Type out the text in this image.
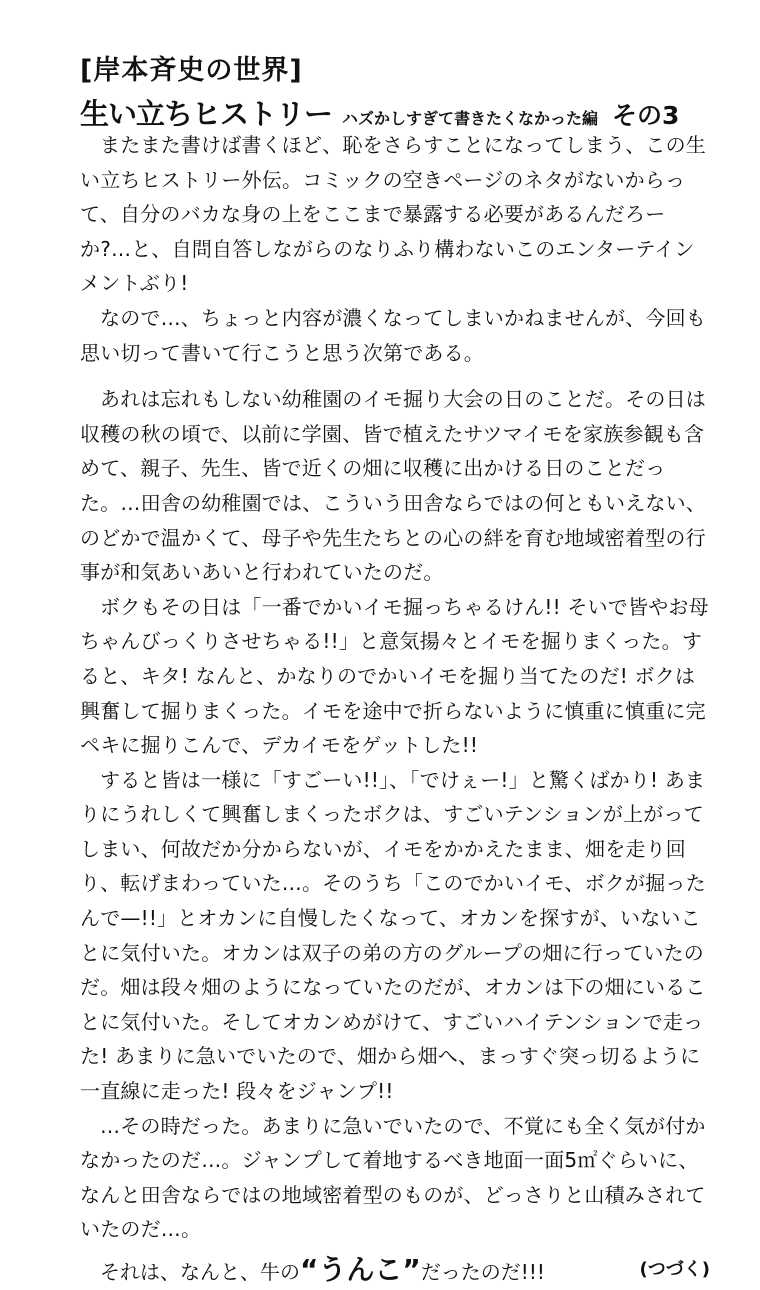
[岸本斉史の世界]
生い立ちヒストリー ハズかしすぎて書きたくなかった編 その3

またまた書けば書くほど、恥をさらすことになってしまう、この生い立ちヒストリー外伝。コミックの空きページのネタがないからって、自分のバカな身の上をここまで暴露する必要があるんだろーか?…と、自問自答しながらのなりふり構わないこのエンターテインメントぶり!

なので…、ちょっと内容が濃くなってしまいかねませんが、今回も思い切って書いて行こうと思う次第である。

あれは忘れもしない幼稚園のイモ掘り大会の日のことだ。その日は収穫の秋の頃で、以前に学園、皆で植えたサツマイモを家族参観も含めて、親子、先生、皆で近くの畑に収穫に出かける日のことだった。…田舎の幼稚園では、こういう田舎ならではの何ともいえない、のどかで温かくて、母子や先生たちとの心の絆を育む地域密着型の行事が和気あいあいと行われていたのだ。

ボクもその日は「一番でかいイモ掘っちゃるけん!! そいで皆やお母ちゃんびっくりさせちゃる!!」と意気揚々とイモを掘りまくった。すると、キタ! なんと、かなりのでかいイモを掘り当てたのだ! ボクは興奮して掘りまくった。イモを途中で折らないように慎重に慎重に完ペキに掘りこんで、デカイモをゲットした!!

すると皆は一様に「すごーい!!」、「でけぇー!」と驚くばかり! あまりにうれしくて興奮しまくったボクは、すごいテンションが上がってしまい、何故だか分からないが、イモをかかえたまま、畑を走り回り、転げまわっていた…。そのうち「このでかいイモ、ボクが掘ったんで—!!」とオカンに自慢したくなって、オカンを探すが、いないことに気付いた。オカンは双子の弟の方のグループの畑に行っていたのだ。畑は段々畑のようになっていたのだが、オカンは下の畑にいることに気付いた。そしてオカンめがけて、すごいハイテンションで走った! あまりに急いでいたので、畑から畑へ、まっすぐ突っ切るように一直線に走った! 段々をジャンプ!!

…その時だった。あまりに急いでいたので、不覚にも全く気が付かなかったのだ…。ジャンプして着地するべき地面一面5㎡ぐらいに、なんと田舎ならではの地域密着型のものが、どっさりと山積みされていたのだ…。

それは、なんと、牛の“うんこ”だったのだ!!!	(つづく)
